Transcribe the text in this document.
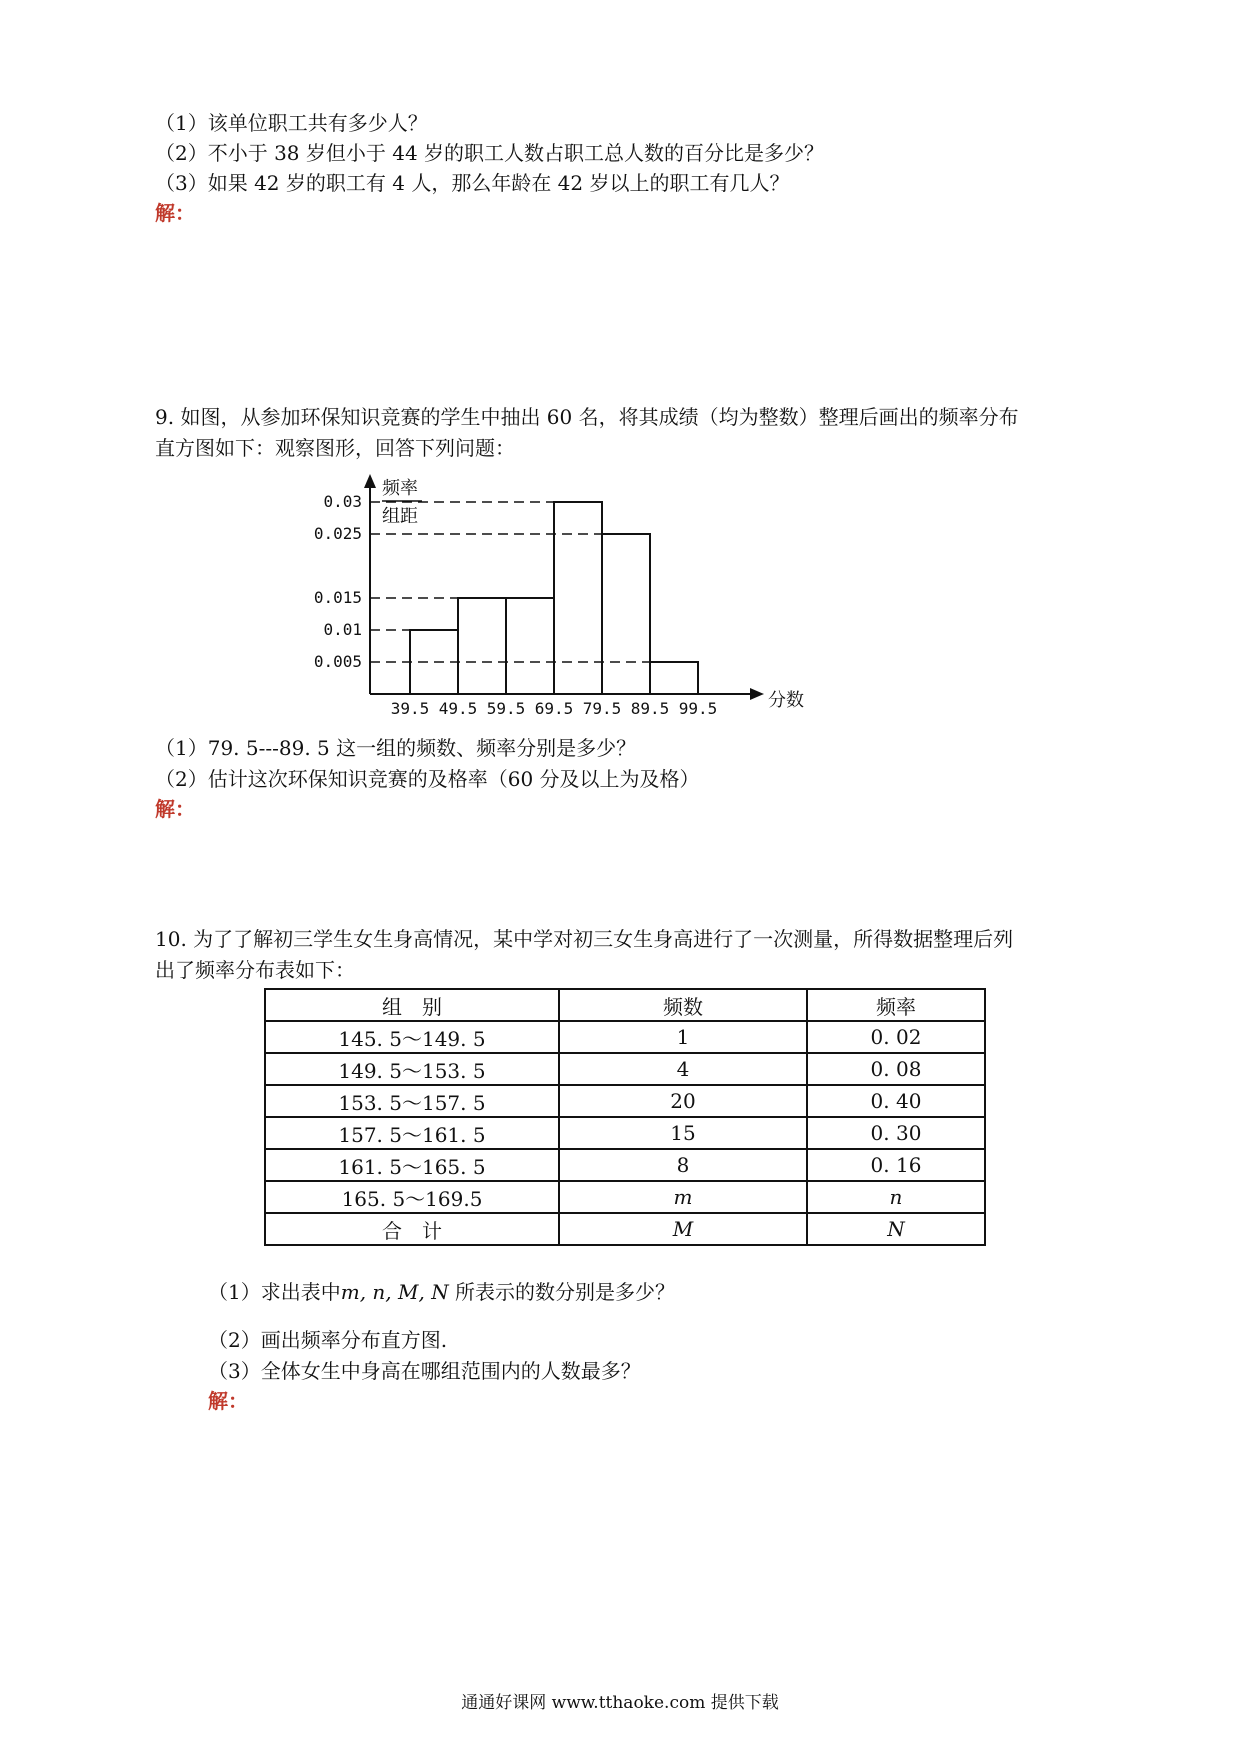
（1）该单位职工共有多少人？
（2）不小于 38 岁但小于 44 岁的职工人数占职工总人数的百分比是多少？
（3）如果 42 岁的职工有 4 人，那么年龄在 42 岁以上的职工有几人？
解：
9. 如图，从参加环保知识竞赛的学生中抽出 60 名，将其成绩（均为整数）整理后画出的频率分布
直方图如下：观察图形，回答下列问题：
频率
组距
分数
0.03
0.025
0.015
0.01
0.005
39.5 49.5 59.5 69.5 79.5 89.5 99.5
（1）79. 5---89. 5 这一组的频数、频率分别是多少？
（2）估计这次环保知识竞赛的及格率（60 分及以上为及格）
解：
10. 为了了解初三学生女生身高情况，某中学对初三女生身高进行了一次测量，所得数据整理后列
出了频率分布表如下：
组　别	频数	频率
145. 5～149. 5	1	0. 02
149. 5～153. 5	4	0. 08
153. 5～157. 5	20	0. 40
157. 5～161. 5	15	0. 30
161. 5～165. 5	8	0. 16
165. 5～169.5	m	n
合　计	M	N
（1）求出表中m, n, M, N 所表示的数分别是多少？
（2）画出频率分布直方图.
（3）全体女生中身高在哪组范围内的人数最多？
解：
通通好课网 www.tthaoke.com 提供下载
